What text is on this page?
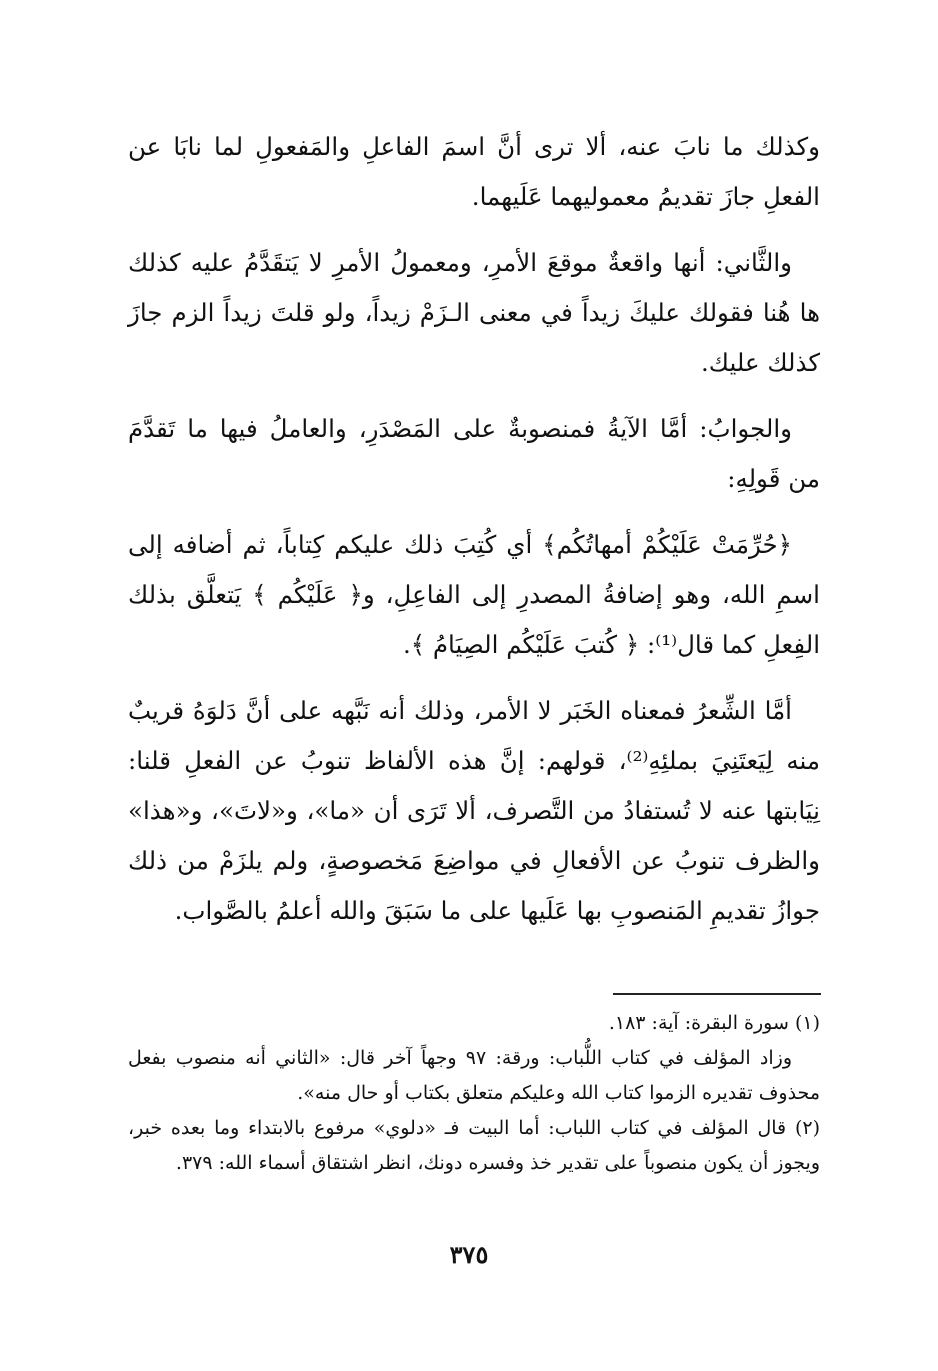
وكذلك ما نابَ عنه، ألا ترى أنَّ اسمَ الفاعلِ والمَفعولِ لما نابَا عن الفعلِ جازَ تقديمُ معموليهما عَلَيهما.

والثَّاني: أنها واقعةٌ موقعَ الأمرِ، ومعمولُ الأمرِ لا يَتقَدَّمُ عليه كذلك ها هُنا فقولك عليكَ زيداً في معنى الـزَمْ زيداً، ولو قلتَ زيداً الزم جازَ كذلك عليك.

والجوابُ: أمَّا الآيةُ فمنصوبةٌ على المَصْدَرِ، والعاملُ فيها ما تَقدَّمَ من قَولِهِ:

﴿حُرِّمَتْ عَلَيْكُمْ أمهاتُكُم﴾ أي كُتِبَ ذلك عليكم كِتاباً، ثم أضافه إلى اسمِ الله، وهو إضافةُ المصدرِ إلى الفاعِلِ، و﴿ عَلَيْكُم ﴾ يَتعلَّق بذلك الفِعلِ كما قال⁽¹⁾: ﴿ كُتبَ عَلَيْكُم الصِيَامُ ﴾.

أمَّا الشِّعرُ فمعناه الخَبَر لا الأمر، وذلك أنه نَبَّهه على أنَّ دَلوَهُ قريبٌ منه لِيَعتَنِيَ بملئِهِ⁽²⁾، قولهم: إنَّ هذه الألفاظ تنوبُ عن الفعلِ قلنا: نِيَابتها عنه لا تُستفادُ من التَّصرف، ألا تَرَى أن «ما»، و«لاتَ»، و«هذا» والظرف تنوبُ عن الأفعالِ في مواضِعَ مَخصوصةٍ، ولم يلزَمْ من ذلك جوازُ تقديمِ المَنصوبِ بها عَلَيها على ما سَبَقَ والله أعلمُ بالصَّواب.

(١) سورة البقرة: آية: ١٨٣.

وزاد المؤلف في كتاب اللُّباب: ورقة: ٩٧ وجهاً آخر قال: «الثاني أنه منصوب بفعل محذوف تقديره الزموا كتاب الله وعليكم متعلق بكتاب أو حال منه».

(٢) قال المؤلف في كتاب اللباب: أما البيت فـ «دلوي» مرفوع بالابتداء وما بعده خبر، ويجوز أن يكون منصوباً على تقدير خذ وفسره دونك، انظر اشتقاق أسماء الله: ٣٧٩.

٣٧٥
